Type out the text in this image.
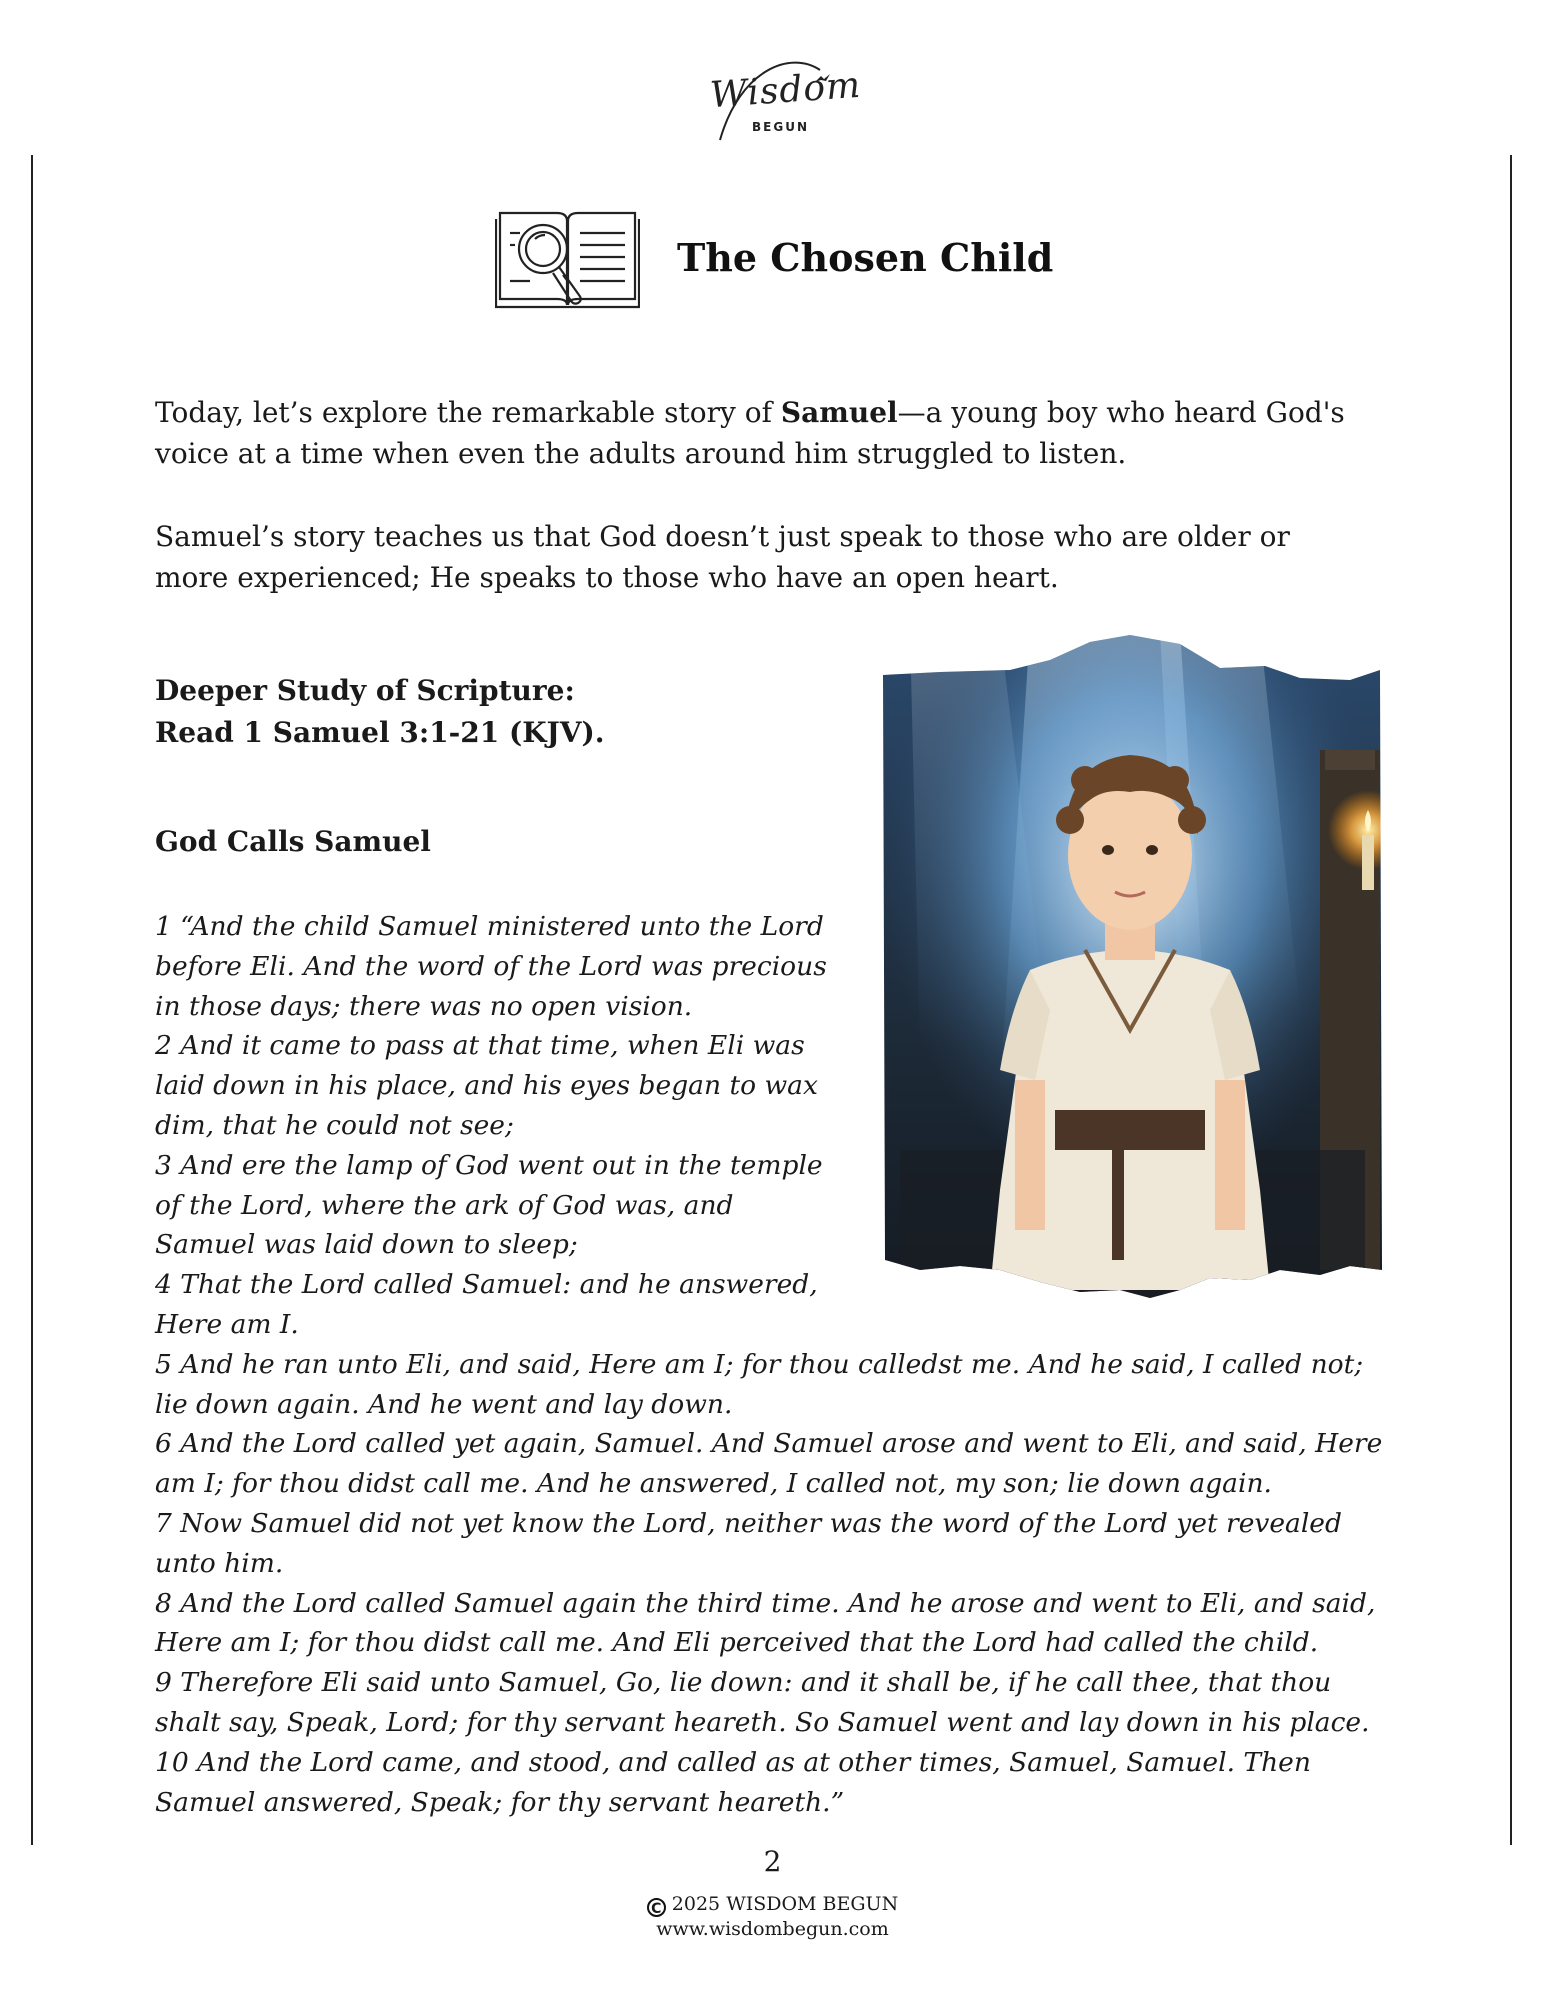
Wisdom
BEGUN
The Chosen Child

Today, let’s explore the remarkable story of Samuel—a young boy who heard God's voice at a time when even the adults around him struggled to listen.

Samuel’s story teaches us that God doesn’t just speak to those who are older or more experienced; He speaks to those who have an open heart.

Deeper Study of Scripture:
Read 1 Samuel 3:1-21 (KJV).
God Calls Samuel
1 “And the child Samuel ministered unto the Lord before Eli. And the word of the Lord was precious in those days; there was no open vision.
2 And it came to pass at that time, when Eli was laid down in his place, and his eyes began to wax dim, that he could not see;
3 And ere the lamp of God went out in the temple of the Lord, where the ark of God was, and Samuel was laid down to sleep;
4 That the Lord called Samuel: and he answered, Here am I.
5 And he ran unto Eli, and said, Here am I; for thou calledst me. And he said, I called not; lie down again. And he went and lay down.
6 And the Lord called yet again, Samuel. And Samuel arose and went to Eli, and said, Here am I; for thou didst call me. And he answered, I called not, my son; lie down again.
7 Now Samuel did not yet know the Lord, neither was the word of the Lord yet revealed unto him.
8 And the Lord called Samuel again the third time. And he arose and went to Eli, and said, Here am I; for thou didst call me. And Eli perceived that the Lord had called the child.
9 Therefore Eli said unto Samuel, Go, lie down: and it shall be, if he call thee, that thou shalt say, Speak, Lord; for thy servant heareth. So Samuel went and lay down in his place.
10 And the Lord came, and stood, and called as at other times, Samuel, Samuel. Then Samuel answered, Speak; for thy servant heareth.”

2

C 2025 WISDOM BEGUN
www.wisdombegun.com
